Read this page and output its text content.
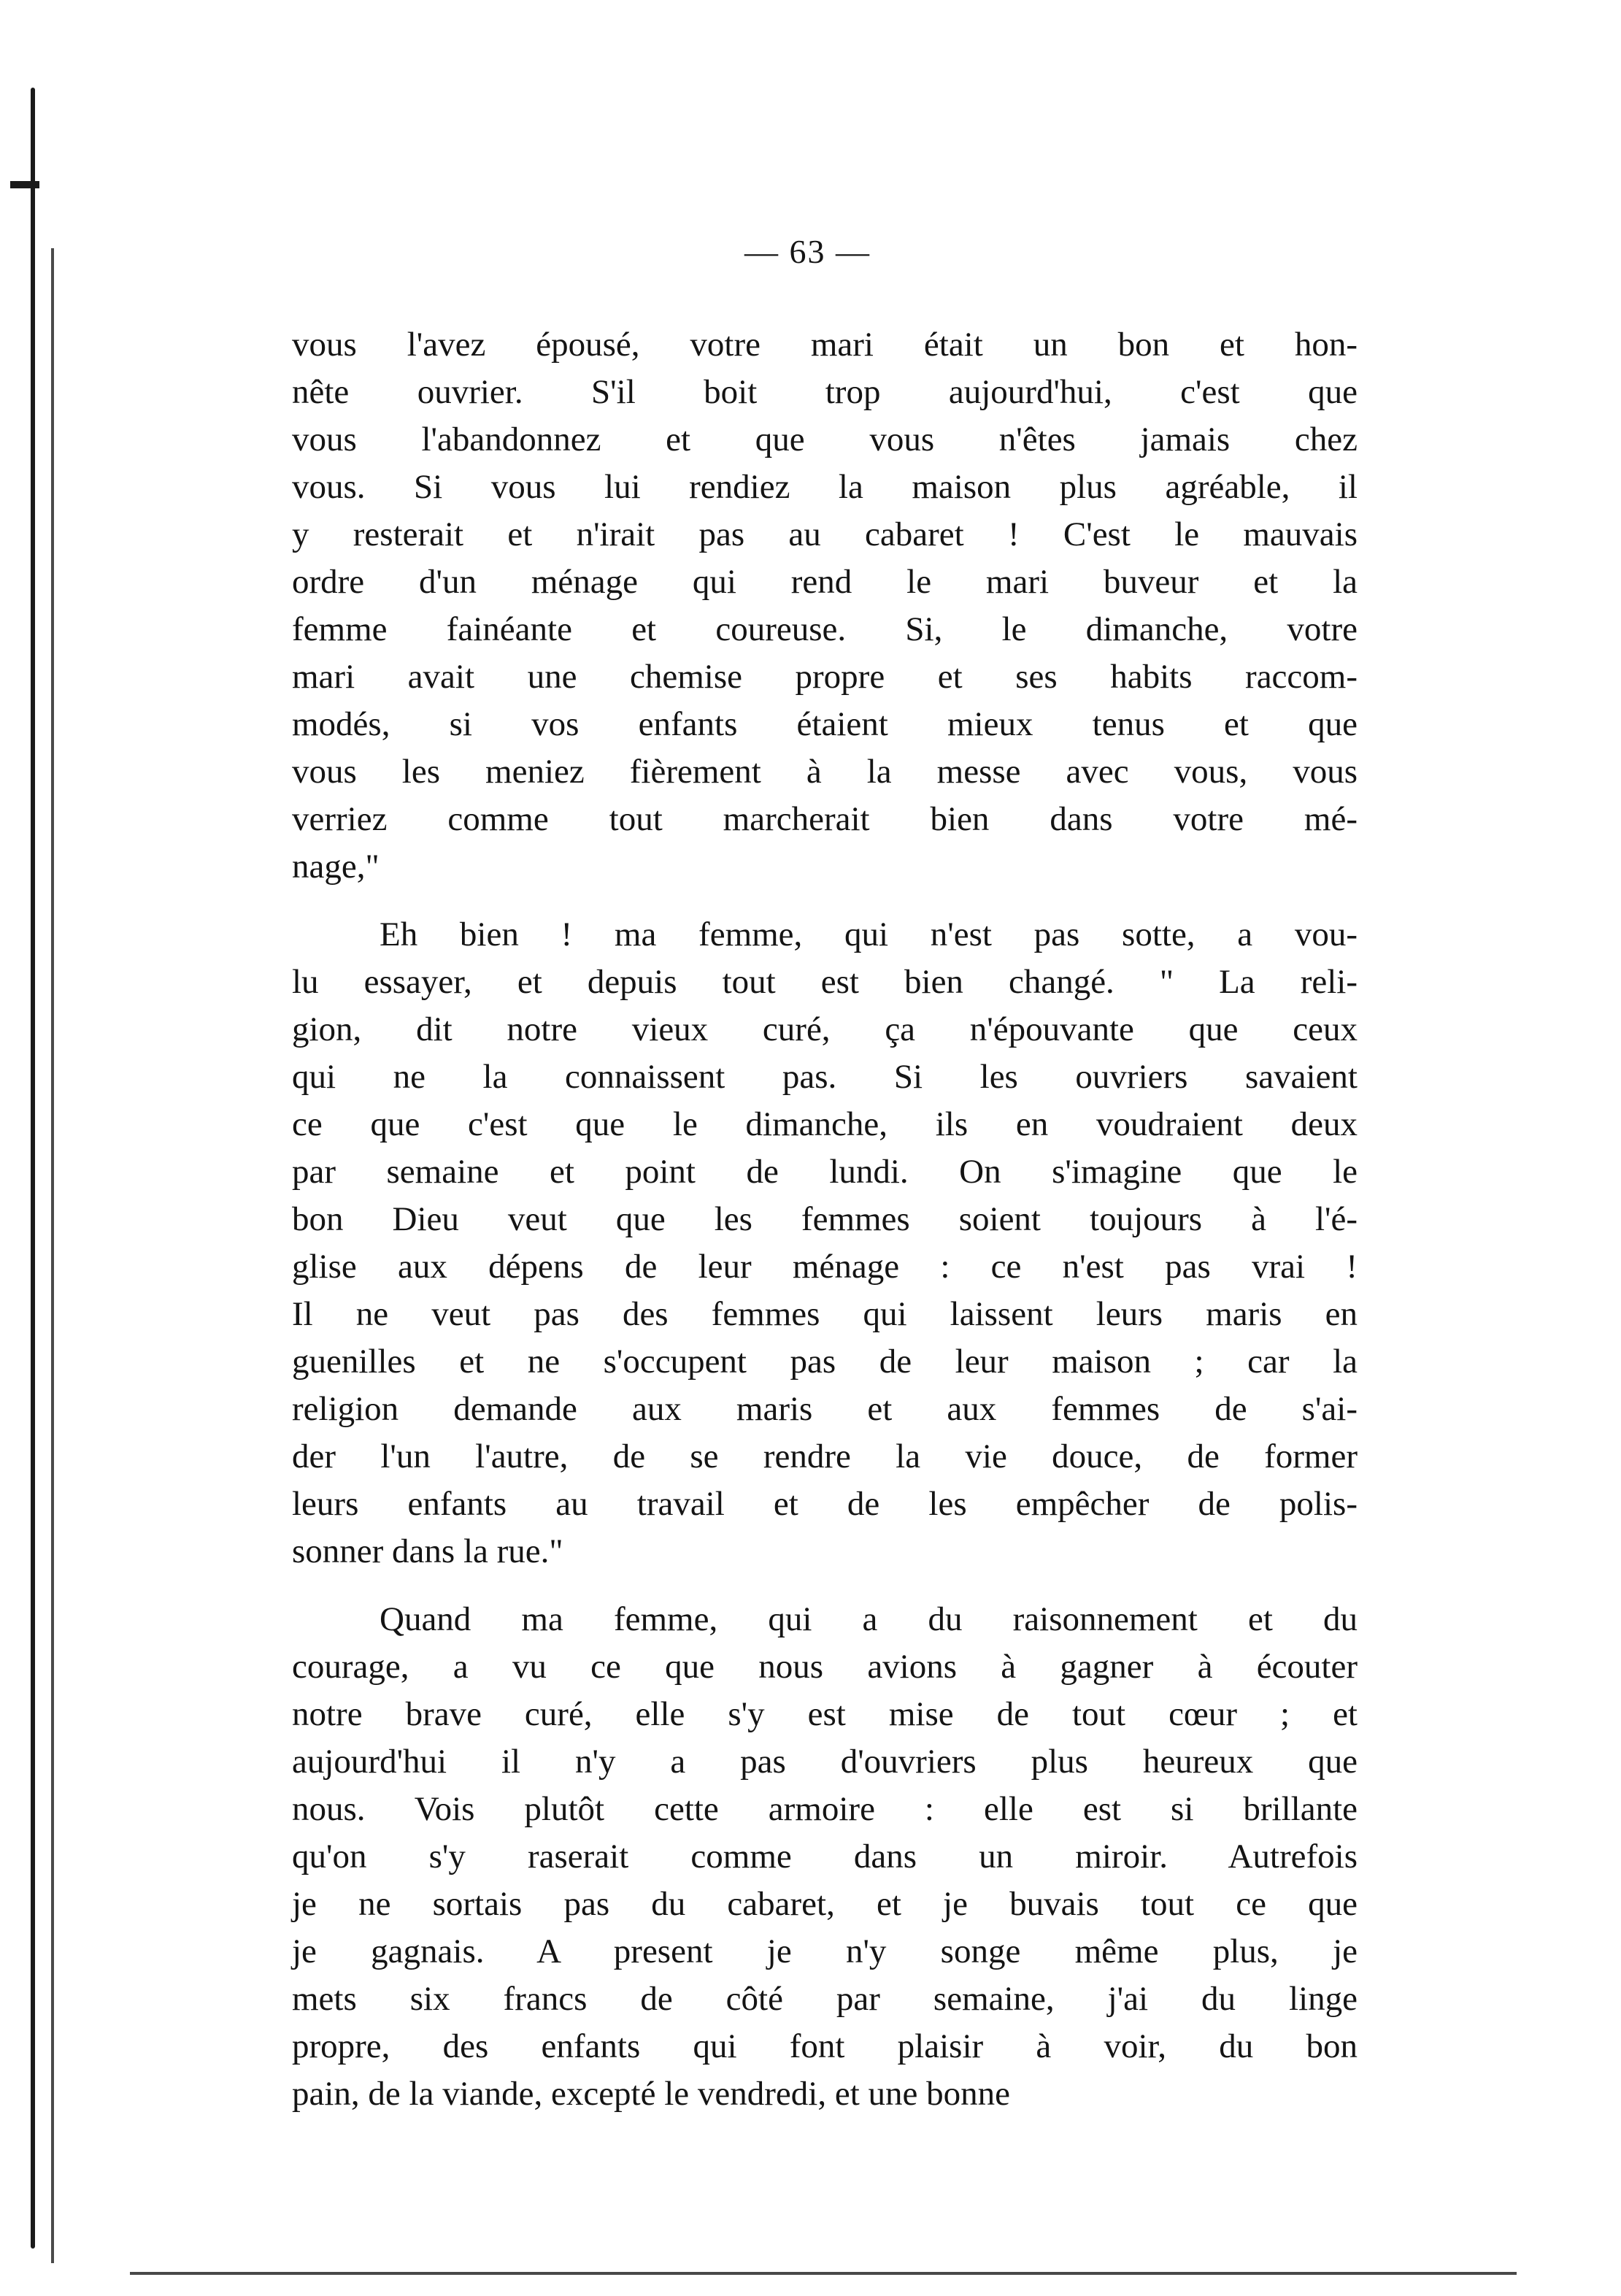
— 63 —
vous l'avez épousé, votre mari était un bon et hon-
nête ouvrier. S'il boit trop aujourd'hui, c'est que
vous l'abandonnez et que vous n'êtes jamais chez
vous. Si vous lui rendiez la maison plus agréable, il
y resterait et n'irait pas au cabaret ! C'est le mauvais
ordre d'un ménage qui rend le mari buveur et la
femme fainéante et coureuse. Si, le dimanche, votre
mari avait une chemise propre et ses habits raccom-
modés, si vos enfants étaient mieux tenus et que
vous les meniez fièrement à la messe avec vous, vous
verriez comme tout marcherait bien dans votre mé-
nage,"
Eh bien ! ma femme, qui n'est pas sotte, a vou-
lu essayer, et depuis tout est bien changé. " La reli-
gion, dit notre vieux curé, ça n'épouvante que ceux
qui ne la connaissent pas. Si les ouvriers savaient
ce que c'est que le dimanche, ils en voudraient deux
par semaine et point de lundi. On s'imagine que le
bon Dieu veut que les femmes soient toujours à l'é-
glise aux dépens de leur ménage : ce n'est pas vrai !
Il ne veut pas des femmes qui laissent leurs maris en
guenilles et ne s'occupent pas de leur maison ; car la
religion demande aux maris et aux femmes de s'ai-
der l'un l'autre, de se rendre la vie douce, de former
leurs enfants au travail et de les empêcher de polis-
sonner dans la rue."
Quand ma femme, qui a du raisonnement et du
courage, a vu ce que nous avions à gagner à écouter
notre brave curé, elle s'y est mise de tout cœur ; et
aujourd'hui il n'y a pas d'ouvriers plus heureux que
nous. Vois plutôt cette armoire : elle est si brillante
qu'on s'y raserait comme dans un miroir. Autrefois
je ne sortais pas du cabaret, et je buvais tout ce que
je gagnais. A present je n'y songe même plus, je
mets six francs de côté par semaine, j'ai du linge
propre, des enfants qui font plaisir à voir, du bon
pain, de la viande, excepté le vendredi, et une bonne
